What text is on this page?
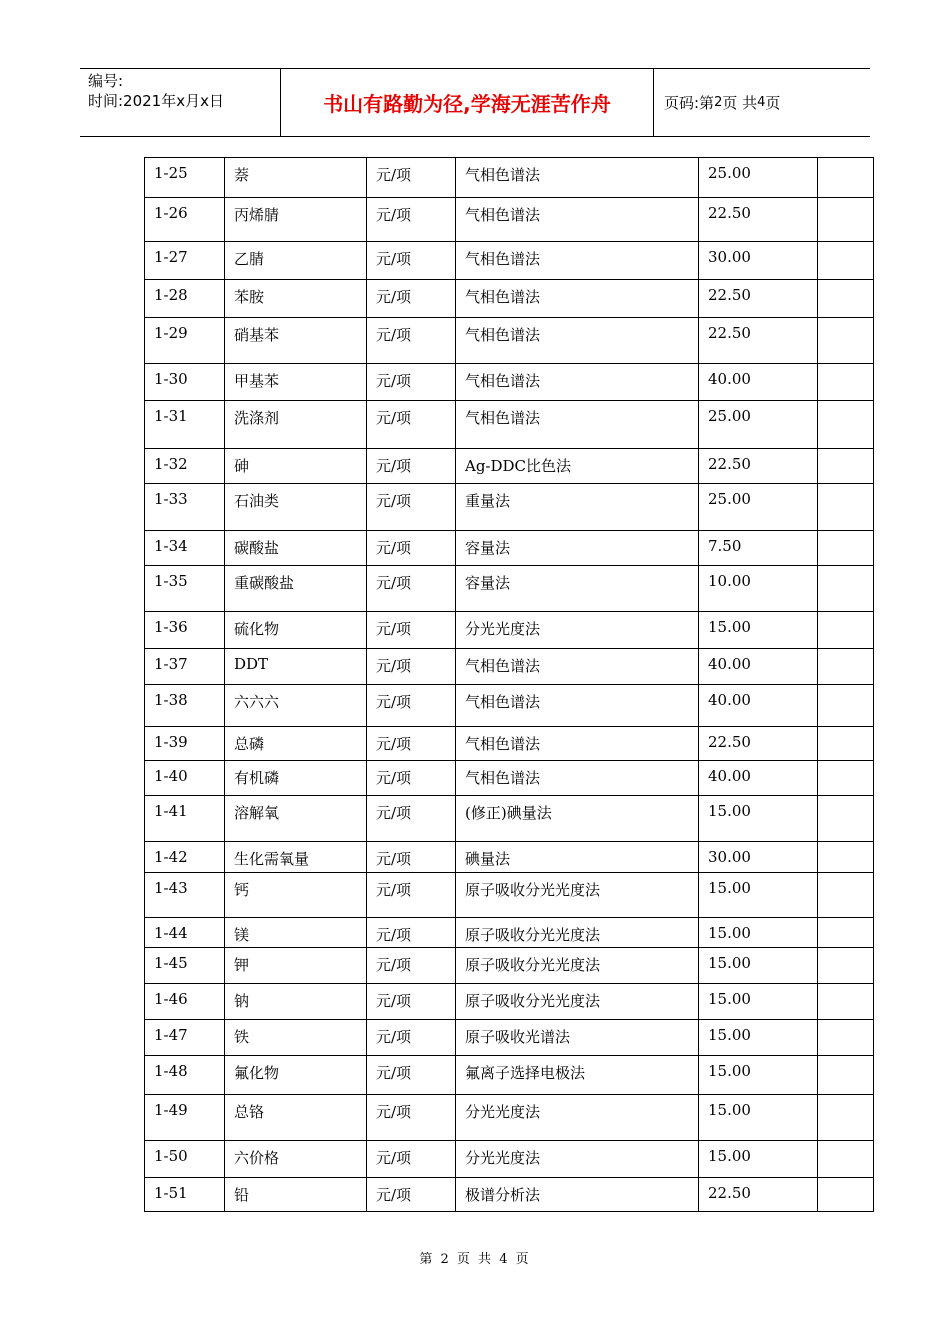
编号:
时间:2021年x月x日	书山有路勤为径,学海无涯苦作舟	页码:第 2 页 共 4 页
1-25	萘	元/项	气相色谱法	25.00	
1-26	丙烯腈	元/项	气相色谱法	22.50	
1-27	乙腈	元/项	气相色谱法	30.00	
1-28	苯胺	元/项	气相色谱法	22.50	
1-29	硝基苯	元/项	气相色谱法	22.50	
1-30	甲基苯	元/项	气相色谱法	40.00	
1-31	洗涤剂	元/项	气相色谱法	25.00	
1-32	砷	元/项	Ag-DDC比色法	22.50	
1-33	石油类	元/项	重量法	25.00	
1-34	碳酸盐	元/项	容量法	7.50	
1-35	重碳酸盐	元/项	容量法	10.00	
1-36	硫化物	元/项	分光光度法	15.00	
1-37	DDT	元/项	气相色谱法	40.00	
1-38	六六六	元/项	气相色谱法	40.00	
1-39	总磷	元/项	气相色谱法	22.50	
1-40	有机磷	元/项	气相色谱法	40.00	
1-41	溶解氧	元/项	(修正)碘量法	15.00	
1-42	生化需氧量	元/项	碘量法	30.00	
1-43	钙	元/项	原子吸收分光光度法	15.00	
1-44	镁	元/项	原子吸收分光光度法	15.00	
1-45	钾	元/项	原子吸收分光光度法	15.00	
1-46	钠	元/项	原子吸收分光光度法	15.00	
1-47	铁	元/项	原子吸收光谱法	15.00	
1-48	氟化物	元/项	氟离子选择电极法	15.00	
1-49	总铬	元/项	分光光度法	15.00	
1-50	六价格	元/项	分光光度法	15.00	
1-51	铅	元/项	极谱分析法	22.50	
第 2 页 共 4 页
